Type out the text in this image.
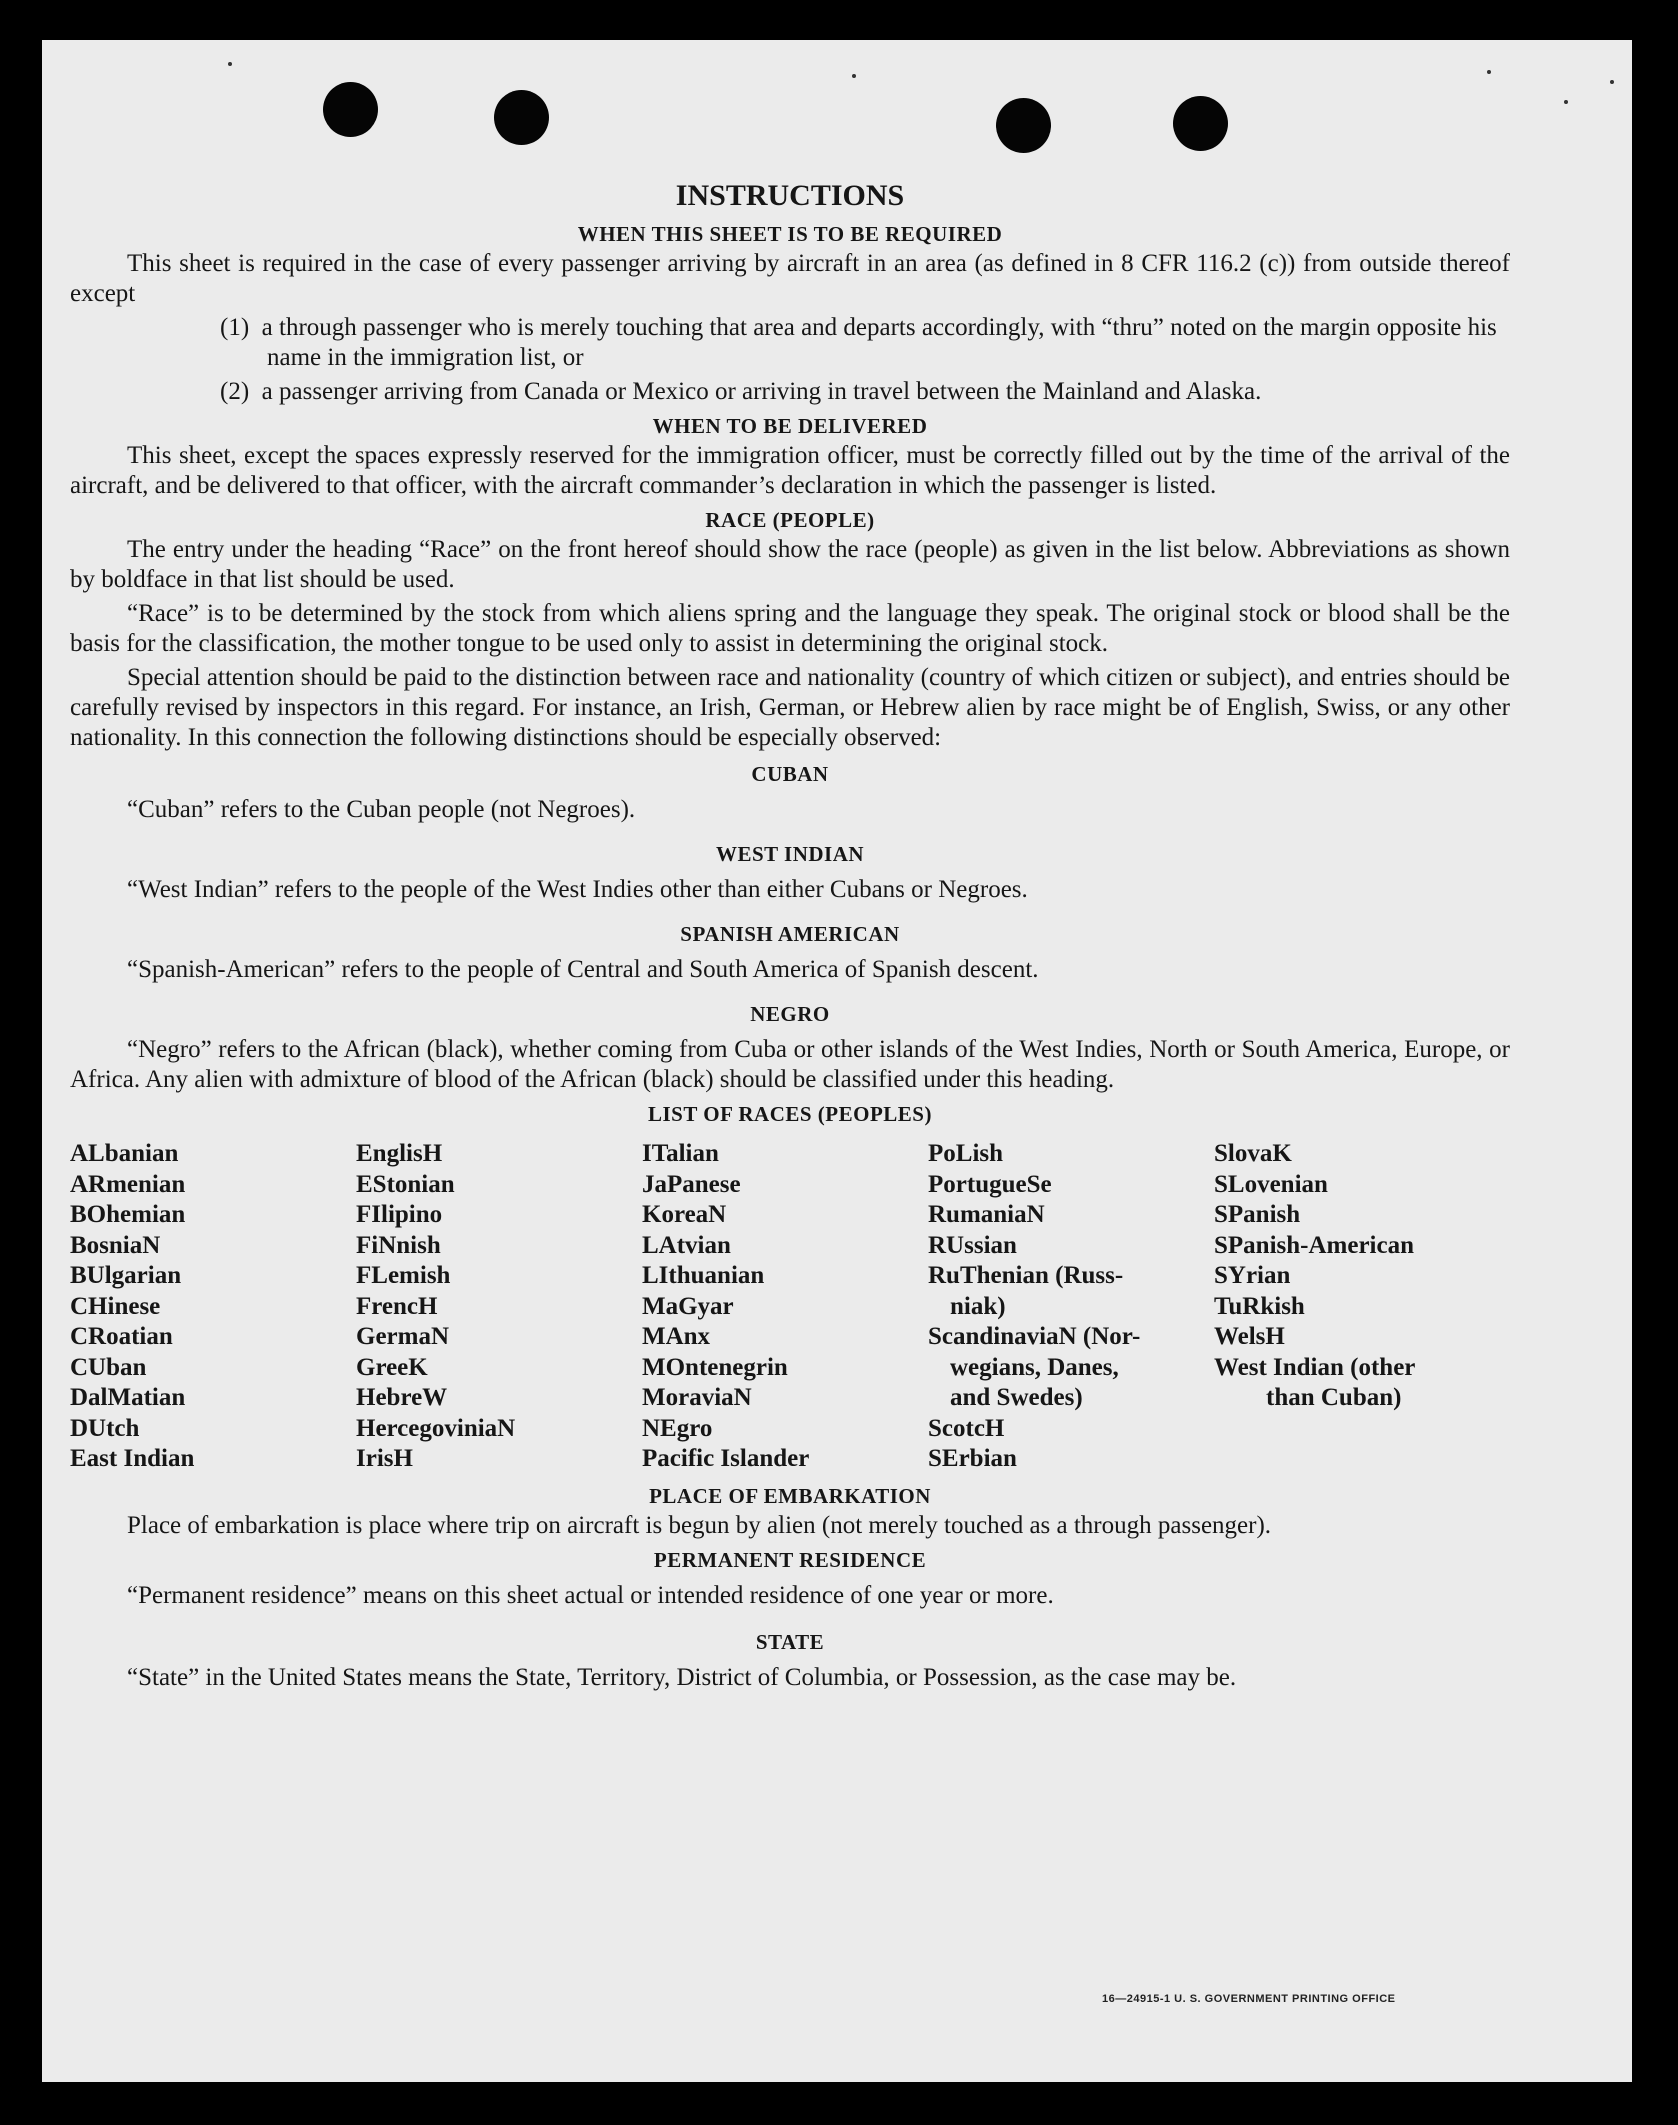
INSTRUCTIONS
WHEN THIS SHEET IS TO BE REQUIRED

This sheet is required in the case of every passenger arriving by aircraft in an area (as defined in 8 CFR 116.2 (c)) from outside thereof except

(1) a through passenger who is merely touching that area and departs accordingly, with “thru” noted on the margin opposite his name in the immigration list, or

(2) a passenger arriving from Canada or Mexico or arriving in travel between the Mainland and Alaska.

WHEN TO BE DELIVERED

This sheet, except the spaces expressly reserved for the immigration officer, must be correctly filled out by the time of the arrival of the aircraft, and be delivered to that officer, with the aircraft commander’s declaration in which the passenger is listed.

RACE (PEOPLE)

The entry under the heading “Race” on the front hereof should show the race (people) as given in the list below. Abbreviations as shown by boldface in that list should be used.

“Race” is to be determined by the stock from which aliens spring and the language they speak. The original stock or blood shall be the basis for the classification, the mother tongue to be used only to assist in determining the original stock.

Special attention should be paid to the distinction between race and nationality (country of which citizen or subject), and entries should be carefully revised by inspectors in this regard. For instance, an Irish, German, or Hebrew alien by race might be of English, Swiss, or any other nationality. In this connection the following distinctions should be especially observed:

CUBAN

“Cuban” refers to the Cuban people (not Negroes).

WEST INDIAN

“West Indian” refers to the people of the West Indies other than either Cubans or Negroes.

SPANISH AMERICAN

“Spanish-American” refers to the people of Central and South America of Spanish descent.

NEGRO

“Negro” refers to the African (black), whether coming from Cuba or other islands of the West Indies, North or South America, Europe, or Africa. Any alien with admixture of blood of the African (black) should be classified under this heading.

LIST OF RACES (PEOPLES)
ALbanian
ARmenian
BOhemian
BosniaN
BUlgarian
CHinese
CRoatian
CUban
DalMatian
DUtch
East Indian
EnglisH
EStonian
FIlipino
FiNnish
FLemish
FrencH
GermaN
GreeK
HebreW
HercegoviniaN
IrisH
ITalian
JaPanese
KoreaN
LAtvian
LIthuanian
MaGyar
MAnx
MOntenegrin
MoraviaN
NEgro
Pacific Islander
PoLish
PortugueSe
RumaniaN
RUssian
RuThenian (Russ-
niak)
ScandinaviaN (Nor-
wegians, Danes,
and Swedes)
ScotcH
SErbian
SlovaK
SLovenian
SPanish
SPanish-American
SYrian
TuRkish
WelsH
West Indian (other
than Cuban)
PLACE OF EMBARKATION

Place of embarkation is place where trip on aircraft is begun by alien (not merely touched as a through passenger).

PERMANENT RESIDENCE

“Permanent residence” means on this sheet actual or intended residence of one year or more.

STATE

“State” in the United States means the State, Territory, District of Columbia, or Possession, as the case may be.

16—24915-1 U. S. GOVERNMENT PRINTING OFFICE
